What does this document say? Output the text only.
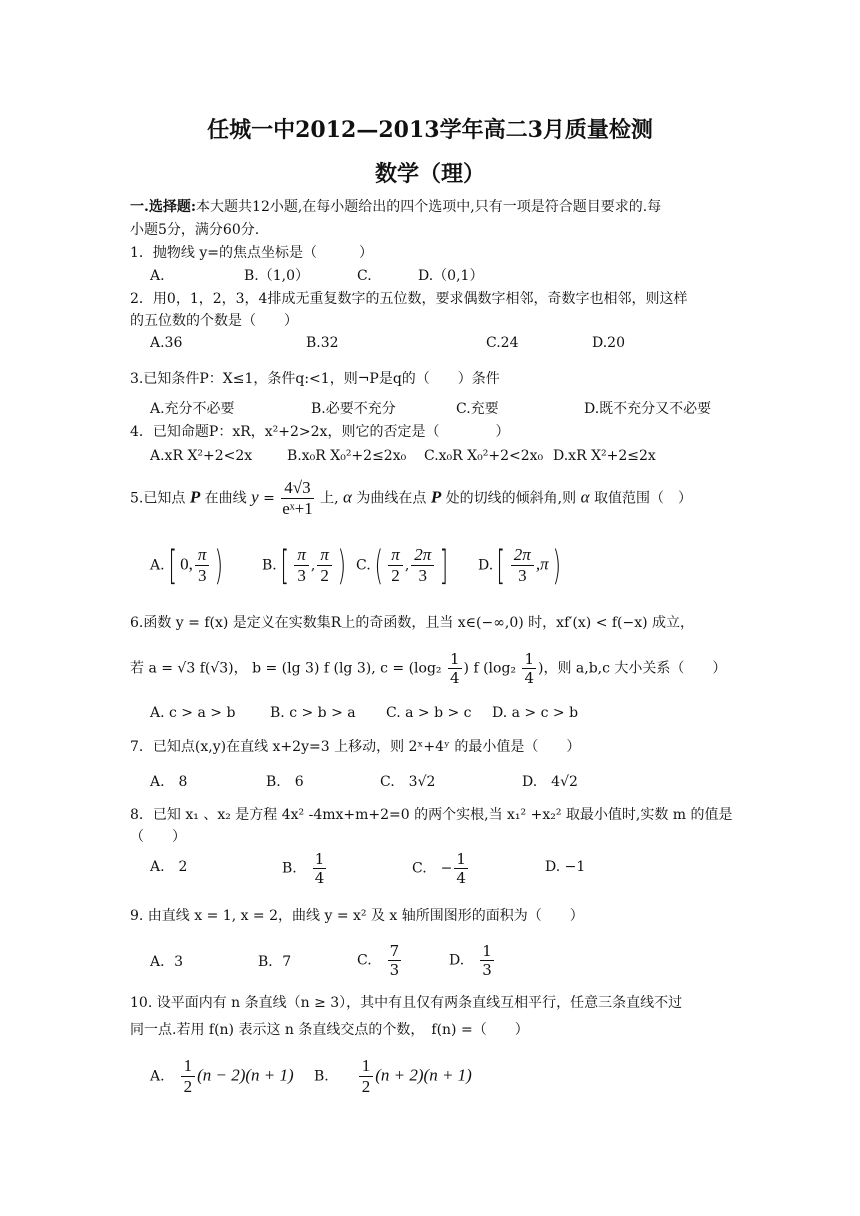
任城一中2012—2013学年高二3月质量检测
数学（理）
一.选择题:本大题共12小题,在每小题给出的四个选项中,只有一项是符合题目要求的.每
小题5分，满分60分.
1．抛物线 y=的焦点坐标是（　　　）
A.	B.（1,0）	C.	D.（0,1）
2．用0，1，2，3，4排成无重复数字的五位数，要求偶数字相邻，奇数字也相邻，则这样
的五位数的个数是（　　）
A.36	B.32	C.24	D.20
3.已知条件P：X≤1，条件q:<1，则¬P是q的（　　）条件
A.充分不必要	B.必要不充分	C.充要	D.既不充分又不必要
4．已知命题P：xR，x²+2>2x，则它的否定是（　　　　）
A.xR X²+2<2x B.x₀R X₀²+2≤2x₀ C.x₀R X₀²+2<2x₀ D.xR X²+2≤2x
5.已知点 P 在曲线 $y = \frac{4√3}{\text{eˣ+1}}$ 上, α 为曲线在点 P 处的切线的倾斜角,则 α 取值范围（　）
A.[ 0, $\frac{\pi}{3}$ )	$B.[ \frac{\pi}{3}$ , $\frac{\pi}{2}$ ) $C.( \frac{\pi}{2}$ , $\frac{2\pi}{3}$ ] $D.[ \frac{2\pi}{3} ,\pi)$
6.函数 y = f(x) 是定义在实数集R上的奇函数，且当 x∈(−∞,0) 时，xf′(x) < f(−x) 成立，
若 a = √3 f(√3)， b = (lg 3) f (lg 3), $c = (\log_2 \frac{1}{4}$ ) f ($\log_2 \frac{1}{4}$ )，则 a,b,c 大小关系（　　）
A. c > a > b B. c > b > a C. a > b > c D. a > c > b
7．已知点(x,y)在直线 x+2y=3 上移动，则 2ˣ+4ʸ 的最小值是（　　）
A.　8	B.　6	C.　3√2	D.　4√2
8．已知 x₁ 、x₂ 是方程 4x² -4mx+m+2=0 的两个实根,当 x₁² +x₂² 取最小值时,实数 m 的值是
（　　）
A.　2	B.　 $\frac{1}{4}$	C.　− $\frac{1}{4}$	D. −1
9. 由直线 x = 1, x = 2，曲线 y = x² 及 x 轴所围图形的面积为（　　）
A．3	B．7	C.　 $\frac{7}{3}$	D.　 $\frac{1}{3}$
10. 设平面内有 n 条直线（n ≥ 3），其中有且仅有两条直线互相平行，任意三条直线不过
同一点.若用 f(n) 表示这 n 条直线交点的个数，　f(n) =（　　）
A.　 $\frac{1}{2} (n - 2)(n + 1)$ B.　　 $\frac{1}{2} (n + 2)(n + 1)$
